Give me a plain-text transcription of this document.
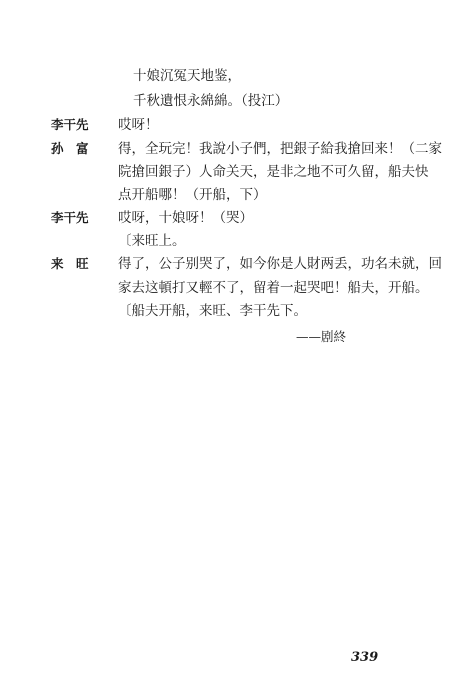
十娘沉冤天地鉴，
千秋遺恨永綿綿。（投江）
李干先 哎呀！
孙　富 得，全玩完！我說小子們，把銀子給我搶回来！（二家
院搶回銀子）人命关天，是非之地不可久留，船夫快
点开船哪！（开船，下）
李干先 哎呀，十娘呀！（哭）
〔来旺上。
来　旺 得了，公子别哭了，如今你是人財两丢，功名未就，回
家去这頓打又輕不了，留着一起哭吧！船夫，开船。
〔船夫开船，来旺、李干先下。
——剧終
339
